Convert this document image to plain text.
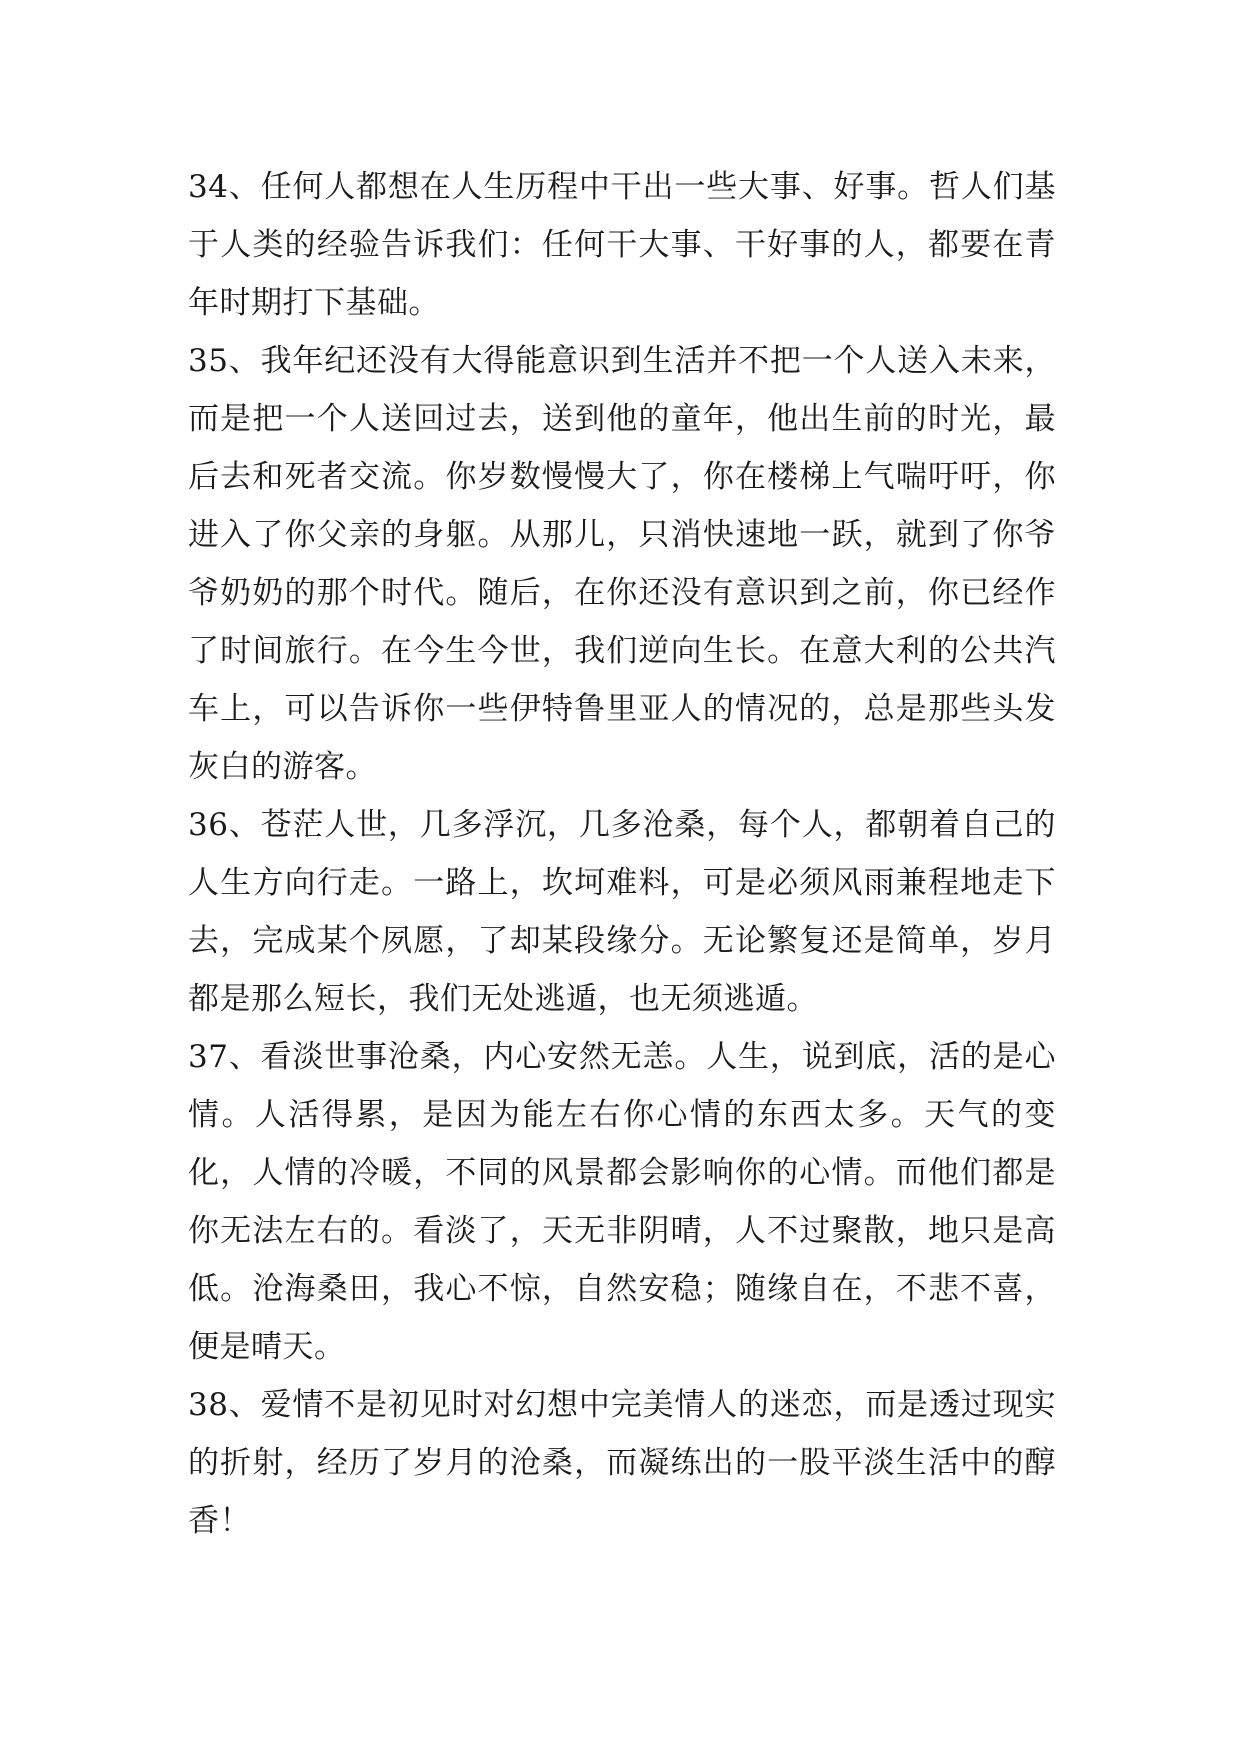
34、任何人都想在人生历程中干出一些大事、好事。哲人们基于人类的经验告诉我们：任何干大事、干好事的人，都要在青年时期打下基础。

35、我年纪还没有大得能意识到生活并不把一个人送入未来，而是把一个人送回过去，送到他的童年，他出生前的时光，最后去和死者交流。你岁数慢慢大了，你在楼梯上气喘吁吁，你进入了你父亲的身躯。从那儿，只消快速地一跃，就到了你爷爷奶奶的那个时代。随后，在你还没有意识到之前，你已经作了时间旅行。在今生今世，我们逆向生长。在意大利的公共汽车上，可以告诉你一些伊特鲁里亚人的情况的，总是那些头发灰白的游客。

36、苍茫人世，几多浮沉，几多沧桑，每个人，都朝着自己的人生方向行走。一路上，坎坷难料，可是必须风雨兼程地走下去，完成某个夙愿，了却某段缘分。无论繁复还是简单，岁月都是那么短长，我们无处逃遁，也无须逃遁。

37、看淡世事沧桑，内心安然无恙。人生，说到底，活的是心情。人活得累，是因为能左右你心情的东西太多。天气的变化，人情的冷暖，不同的风景都会影响你的心情。而他们都是你无法左右的。看淡了，天无非阴晴，人不过聚散，地只是高低。沧海桑田，我心不惊，自然安稳；随缘自在，不悲不喜，便是晴天。

38、爱情不是初见时对幻想中完美情人的迷恋，而是透过现实的折射，经历了岁月的沧桑，而凝练出的一股平淡生活中的醇香！
